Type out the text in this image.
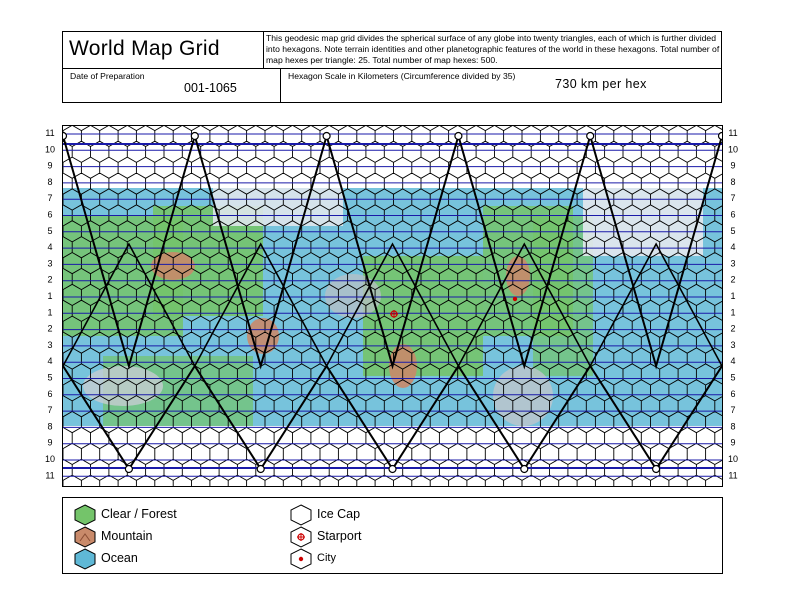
World Map Grid	This geodesic map grid divides the spherical surface of any globe into twenty triangles, each of which is further divided into hexagons. Note terrain identities and other planetographic features of the world in these hexagons. Total number of map hexes per triangle: 25. Total number of map hexes: 500.
Date of Preparation
001-1065
Hexagon Scale in Kilometers (Circumference divided by 35)
730 km per hex
11
10
9
8
7
6
5
4
3
2
1
1
2
3
4
5
6
7
8
9
10
11
11
10
9
8
7
6
5
4
3
2
1
1
2
3
4
5
6
7
8
9
10
11
Clear / Forest
Mountain
Ocean
Ice Cap
Starport
City
